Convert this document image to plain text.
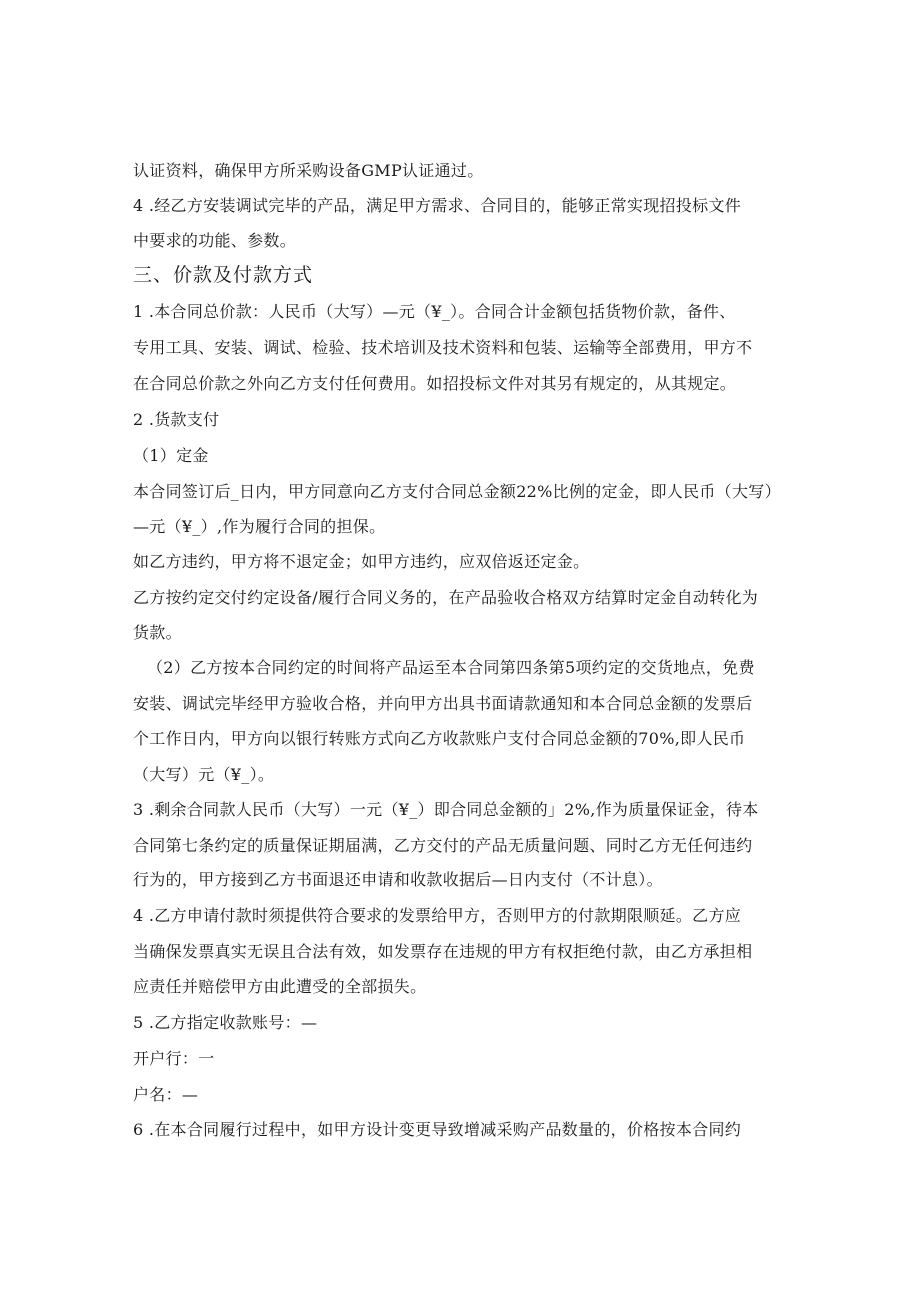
认证资料，确保甲方所采购设备GMP认证通过。
4 .经乙方安装调试完毕的产品，满足甲方需求、合同目的，能够正常实现招投标文件
中要求的功能、参数。
三、价款及付款方式
1 .本合同总价款：人民币（大写）—元（¥_）。合同合计金额包括货物价款，备件、
专用工具、安装、调试、检验、技术培训及技术资料和包装、运输等全部费用，甲方不
在合同总价款之外向乙方支付任何费用。如招投标文件对其另有规定的，从其规定。
2 .货款支付
（1）定金
本合同签订后_日内，甲方同意向乙方支付合同总金额22%比例的定金，即人民币（大写）
—元（¥_）,作为履行合同的担保。
如乙方违约，甲方将不退定金；如甲方违约，应双倍返还定金。
乙方按约定交付约定设备/履行合同义务的，在产品验收合格双方结算时定金自动转化为
货款。
（2）乙方按本合同约定的时间将产品运至本合同第四条第5项约定的交货地点，免费
安装、调试完毕经甲方验收合格，并向甲方出具书面请款通知和本合同总金额的发票后
个工作日内，甲方向以银行转账方式向乙方收款账户支付合同总金额的70%,即人民币
（大写）元（¥_）。
3 .剩余合同款人民币（大写）一元（¥_）即合同总金额的」2%,作为质量保证金，待本
合同第七条约定的质量保证期届满，乙方交付的产品无质量问题、同时乙方无任何违约
行为的，甲方接到乙方书面退还申请和收款收据后—日内支付（不计息）。
4 .乙方申请付款时须提供符合要求的发票给甲方，否则甲方的付款期限顺延。乙方应
当确保发票真实无误且合法有效，如发票存在违规的甲方有权拒绝付款，由乙方承担相
应责任并赔偿甲方由此遭受的全部损失。
5 .乙方指定收款账号：—
开户行：一
户名：—
6 .在本合同履行过程中，如甲方设计变更导致增减采购产品数量的，价格按本合同约
